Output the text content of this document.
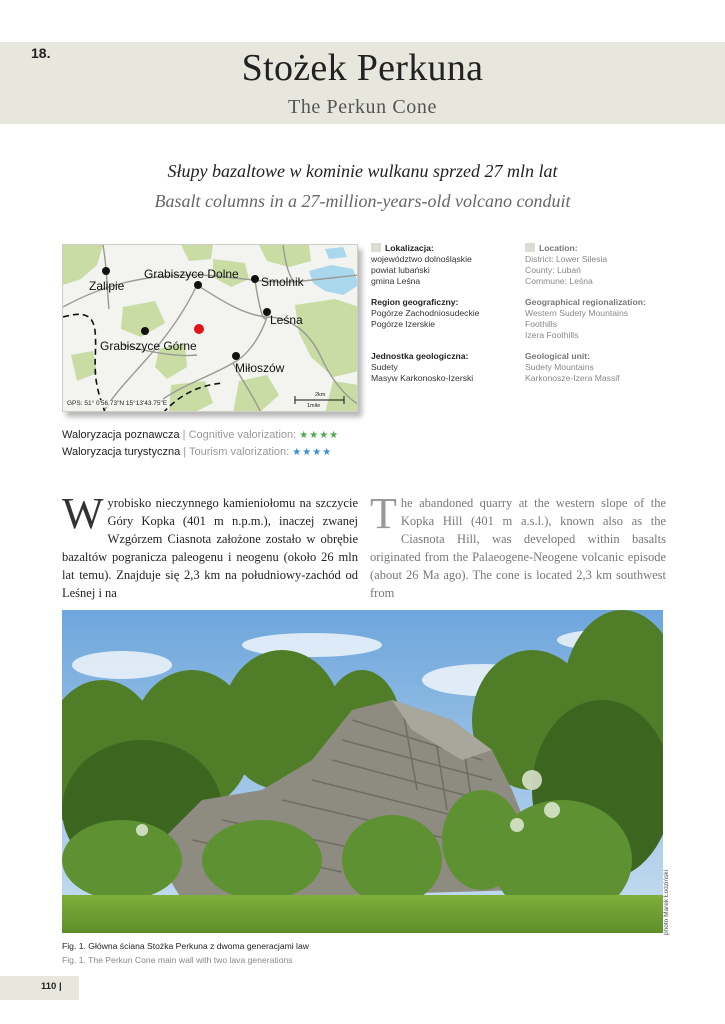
18.	Stożek Perkuna
The Perkun Cone
Słupy bazaltowe w kominie wulkanu sprzed 27 mln lat
Basalt columns in a 27-million-years-old volcano conduit
Zalipie
Grabiszyce Dolne
Smolnik
Leśna
Grabiszyce Górne
Miłoszów
GPS: 51° 0'56.73"N 15°13'43.75"E
2km
1mile
Lokalizacja:
województwo dolnośląskie
powiat lubański
gmina Leśna
Region geograficzny:
Pogórze Zachodniosudeckie
Pogórze Izerskie
Jednostka geologiczna:
Sudety
Masyw Karkonosko-Izerski
Location:
District: Lower Silesia
County: Lubań
Commune: Leśna
Geographical regionalization:
Western Sudety Mountains
Foothills
Izera Foothills
Geological unit:
Sudety Mountains
Karkonosze-Izera Massif
Waloryzacja poznawcza | Cognitive valorization: ★★★★
Waloryzacja turystyczna | Tourism valorization: ★★★★
Wyrobisko nieczynnego kamieniołomu na szczycie Góry Kopka (401 m n.p.m.), inaczej zwanej Wzgórzem Ciasnota założone zostało w obrębie bazaltów pogranicza paleogenu i neogenu (około 26 mln lat temu). Znajduje się 2,3 km na południowy-zachód od Leśnej i na
The abandoned quarry at the western slope of the Kopka Hill (401 m a.s.l.), known also as the Ciasnota Hill, was developed within basalts originated from the Palaeogene-Neogene volcanic episode (about 26 Ma ago). The cone is located 2,3 km southwest from
photo Marek Łodziński
Fig. 1. Główna ściana Stożka Perkuna z dwoma generacjami law
Fig. 1. The Perkun Cone main wall with two lava generations
110 |
